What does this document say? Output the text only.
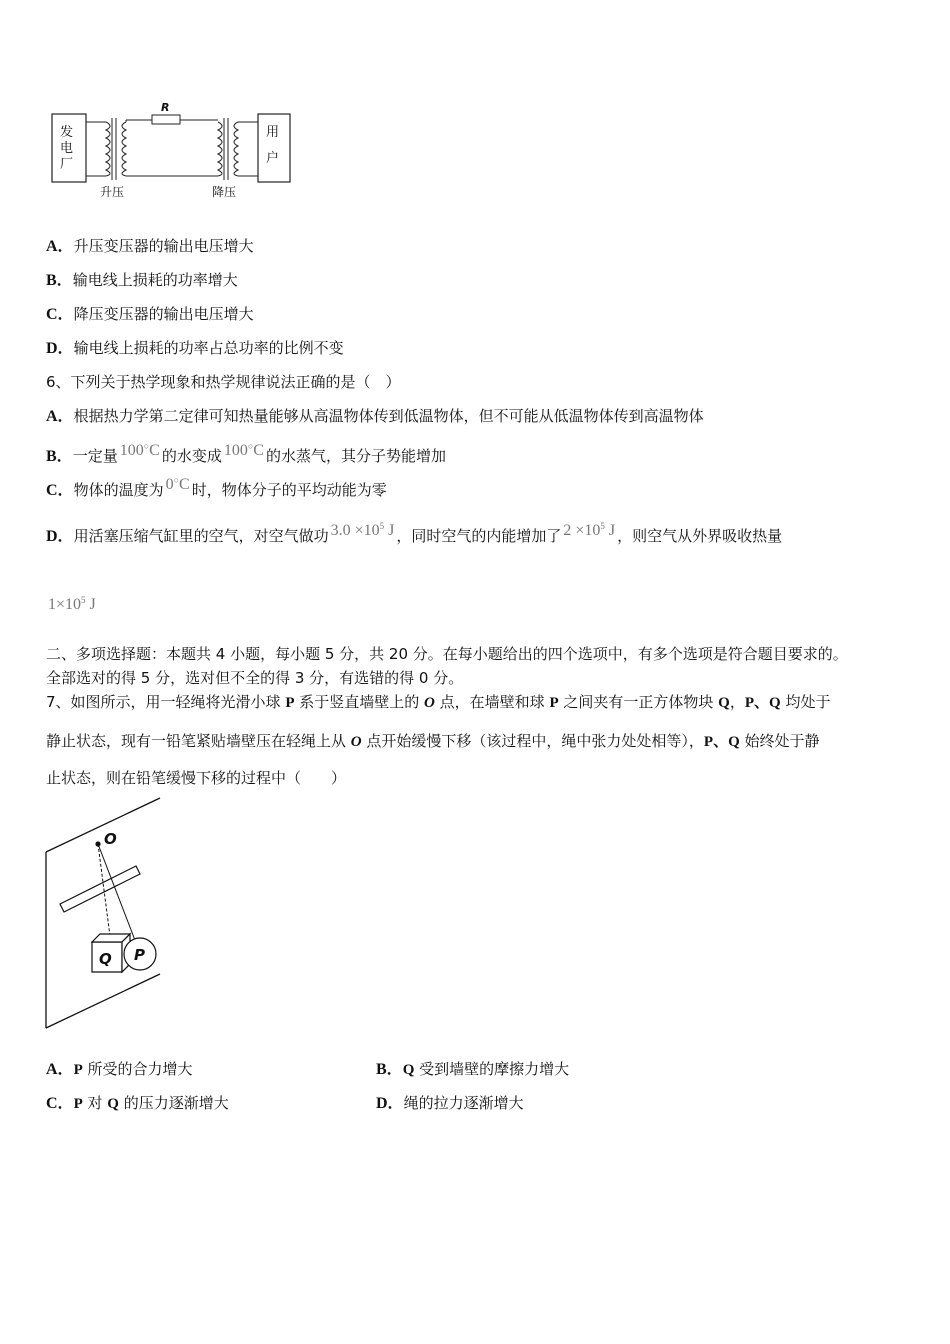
发
电
厂
R
用
户
升压	降压
A．升压变压器的输出电压增大
B．输电线上损耗的功率增大
C．降压变压器的输出电压增大
D．输电线上损耗的功率占总功率的比例不变
6、下列关于热学现象和热学规律说法正确的是（　）
A．根据热力学第二定律可知热量能够从高温物体传到低温物体，但不可能从低温物体传到高温物体
B．一定量 100○C 的水变成 100○C 的水蒸气，其分子势能增加
C．物体的温度为 0○C 时，物体分子的平均动能为零
D．用活塞压缩气缸里的空气，对空气做功 $3.0 \times 10^5$ J ，同时空气的内能增加了 $2 \times 10^5$ J ，则空气从外界吸收热量
$1\times 10^5$ J
二、多项选择题：本题共 4 小题，每小题 5 分，共 20 分。在每小题给出的四个选项中，有多个选项是符合题目要求的。
全部选对的得 5 分，选对但不全的得 3 分，有选错的得 0 分。
7、如图所示，用一轻绳将光滑小球 P 系于竖直墙壁上的 O 点，在墙壁和球 P 之间夹有一正方体物块 Q，P、Q 均处于
静止状态，现有一铅笔紧贴墙壁压在轻绳上从 O 点开始缓慢下移（该过程中，绳中张力处处相等），P、Q 始终处于静
止状态，则在铅笔缓慢下移的过程中（　　）
O
Q P
A．P 所受的合力增大	B．Q 受到墙壁的摩擦力增大
C．P 对 Q 的压力逐渐增大	D．绳的拉力逐渐增大
